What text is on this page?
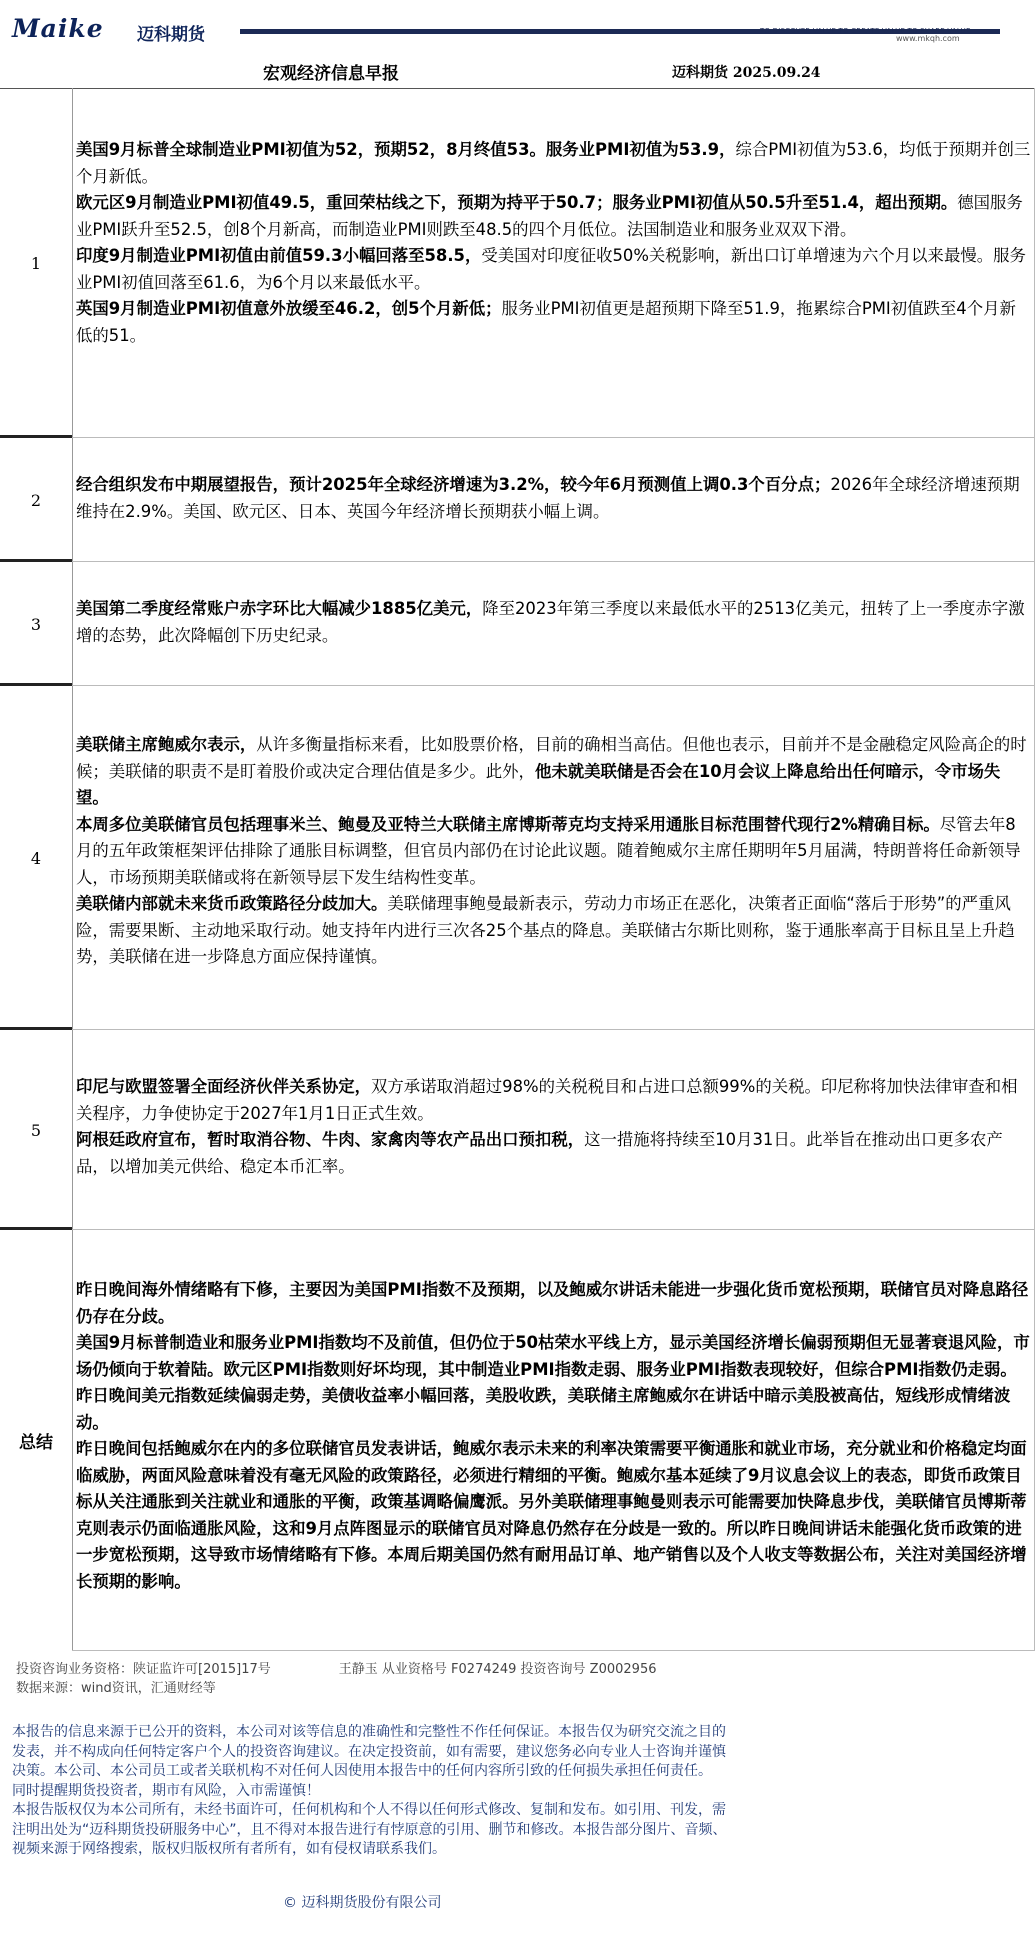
Maike 迈科期货	TO DISCOVER VALUE TO CREATE VALUE TO SHARE VALUE
www.mkqh.com
宏观经济信息早报	迈科期货 2025.09.24
1

美国9月标普全球制造业PMI初值为52，预期52，8月终值53。服务业PMI初值为53.9，综合PMI初值为53.6，均低于预期并创三个月新低。

欧元区9月制造业PMI初值49.5，重回荣枯线之下，预期为持平于50.7；服务业PMI初值从50.5升至51.4，超出预期。德国服务业PMI跃升至52.5，创8个月新高，而制造业PMI则跌至48.5的四个月低位。法国制造业和服务业双双下滑。

印度9月制造业PMI初值由前值59.3小幅回落至58.5，受美国对印度征收50%关税影响，新出口订单增速为六个月以来最慢。服务业PMI初值回落至61.6，为6个月以来最低水平。

英国9月制造业PMI初值意外放缓至46.2，创5个月新低；服务业PMI初值更是超预期下降至51.9，拖累综合PMI初值跌至4个月新低的51。

2

经合组织发布中期展望报告，预计2025年全球经济增速为3.2%，较今年6月预测值上调0.3个百分点；2026年全球经济增速预期维持在2.9%。美国、欧元区、日本、英国今年经济增长预期获小幅上调。

3

美国第二季度经常账户赤字环比大幅减少1885亿美元，降至2023年第三季度以来最低水平的2513亿美元，扭转了上一季度赤字激增的态势，此次降幅创下历史纪录。

4

美联储主席鲍威尔表示，从许多衡量指标来看，比如股票价格，目前的确相当高估。但他也表示，目前并不是金融稳定风险高企的时候；美联储的职责不是盯着股价或决定合理估值是多少。此外，他未就美联储是否会在10月会议上降息给出任何暗示，令市场失望。

本周多位美联储官员包括理事米兰、鲍曼及亚特兰大联储主席博斯蒂克均支持采用通胀目标范围替代现行2%精确目标。尽管去年8月的五年政策框架评估排除了通胀目标调整，但官员内部仍在讨论此议题。随着鲍威尔主席任期明年5月届满，特朗普将任命新领导人，市场预期美联储或将在新领导层下发生结构性变革。

美联储内部就未来货币政策路径分歧加大。美联储理事鲍曼最新表示，劳动力市场正在恶化，决策者正面临“落后于形势”的严重风险，需要果断、主动地采取行动。她支持年内进行三次各25个基点的降息。美联储古尔斯比则称，鉴于通胀率高于目标且呈上升趋势，美联储在进一步降息方面应保持谨慎。

5

印尼与欧盟签署全面经济伙伴关系协定，双方承诺取消超过98%的关税税目和占进口总额99%的关税。印尼称将加快法律审查和相关程序，力争使协定于2027年1月1日正式生效。

阿根廷政府宣布，暂时取消谷物、牛肉、家禽肉等农产品出口预扣税，这一措施将持续至10月31日。此举旨在推动出口更多农产品，以增加美元供给、稳定本币汇率。

总结

昨日晚间海外情绪略有下修，主要因为美国PMI指数不及预期，以及鲍威尔讲话未能进一步强化货币宽松预期，联储官员对降息路径仍存在分歧。

美国9月标普制造业和服务业PMI指数均不及前值，但仍位于50枯荣水平线上方，显示美国经济增长偏弱预期但无显著衰退风险，市场仍倾向于软着陆。欧元区PMI指数则好坏均现，其中制造业PMI指数走弱、服务业PMI指数表现较好，但综合PMI指数仍走弱。昨日晚间美元指数延续偏弱走势，美债收益率小幅回落，美股收跌，美联储主席鲍威尔在讲话中暗示美股被高估，短线形成情绪波动。

昨日晚间包括鲍威尔在内的多位联储官员发表讲话，鲍威尔表示未来的利率决策需要平衡通胀和就业市场，充分就业和价格稳定均面临威胁，两面风险意味着没有毫无风险的政策路径，必须进行精细的平衡。鲍威尔基本延续了9月议息会议上的表态，即货币政策目标从关注通胀到关注就业和通胀的平衡，政策基调略偏鹰派。另外美联储理事鲍曼则表示可能需要加快降息步伐，美联储官员博斯蒂克则表示仍面临通胀风险，这和9月点阵图显示的联储官员对降息仍然存在分歧是一致的。所以昨日晚间讲话未能强化货币政策的进一步宽松预期，这导致市场情绪略有下修。本周后期美国仍然有耐用品订单、地产销售以及个人收支等数据公布，关注对美国经济增长预期的影响。

投资咨询业务资格：陕证监许可[2015]17号	王静玉 从业资格号 F0274249 投资咨询号 Z0002956
数据来源：wind资讯，汇通财经等

本报告的信息来源于已公开的资料，本公司对该等信息的准确性和完整性不作任何保证。本报告仅为研究交流之目的发表，并不构成向任何特定客户个人的投资咨询建议。在决定投资前，如有需要，建议您务必向专业人士咨询并谨慎决策。本公司、本公司员工或者关联机构不对任何人因使用本报告中的任何内容所引致的任何损失承担任何责任。

同时提醒期货投资者，期市有风险，入市需谨慎！

本报告版权仅为本公司所有，未经书面许可，任何机构和个人不得以任何形式修改、复制和发布。如引用、刊发，需注明出处为“迈科期货投研服务中心”，且不得对本报告进行有悖原意的引用、删节和修改。本报告部分图片、音频、视频来源于网络搜索，版权归版权所有者所有，如有侵权请联系我们。

© 迈科期货股份有限公司
